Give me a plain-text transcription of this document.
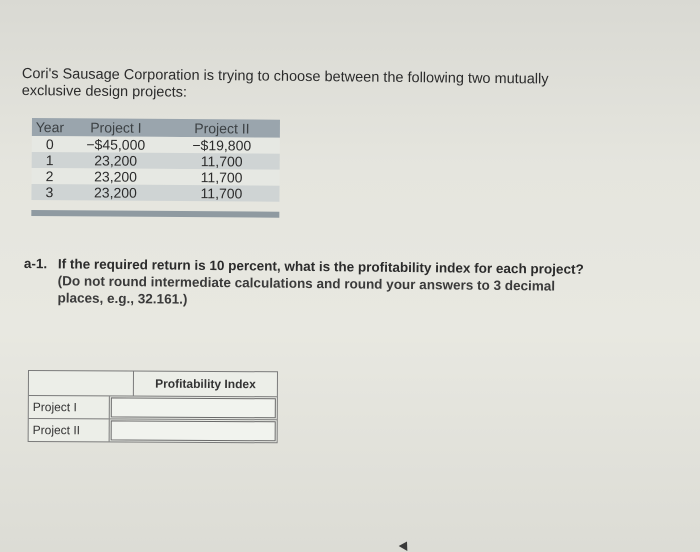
Cori's Sausage Corporation is trying to choose between the following two mutually
exclusive design projects:
Year	Project I	Project II
0	−$45,000	−$19,800
1	23,200	11,700
2	23,200	11,700
3	23,200	11,700
a-1. If the required return is 10 percent, what is the profitability index for each project?
(Do not round intermediate calculations and round your answers to 3 decimal
places, e.g., 32.161.)
Profitability Index
Project I
Project II
